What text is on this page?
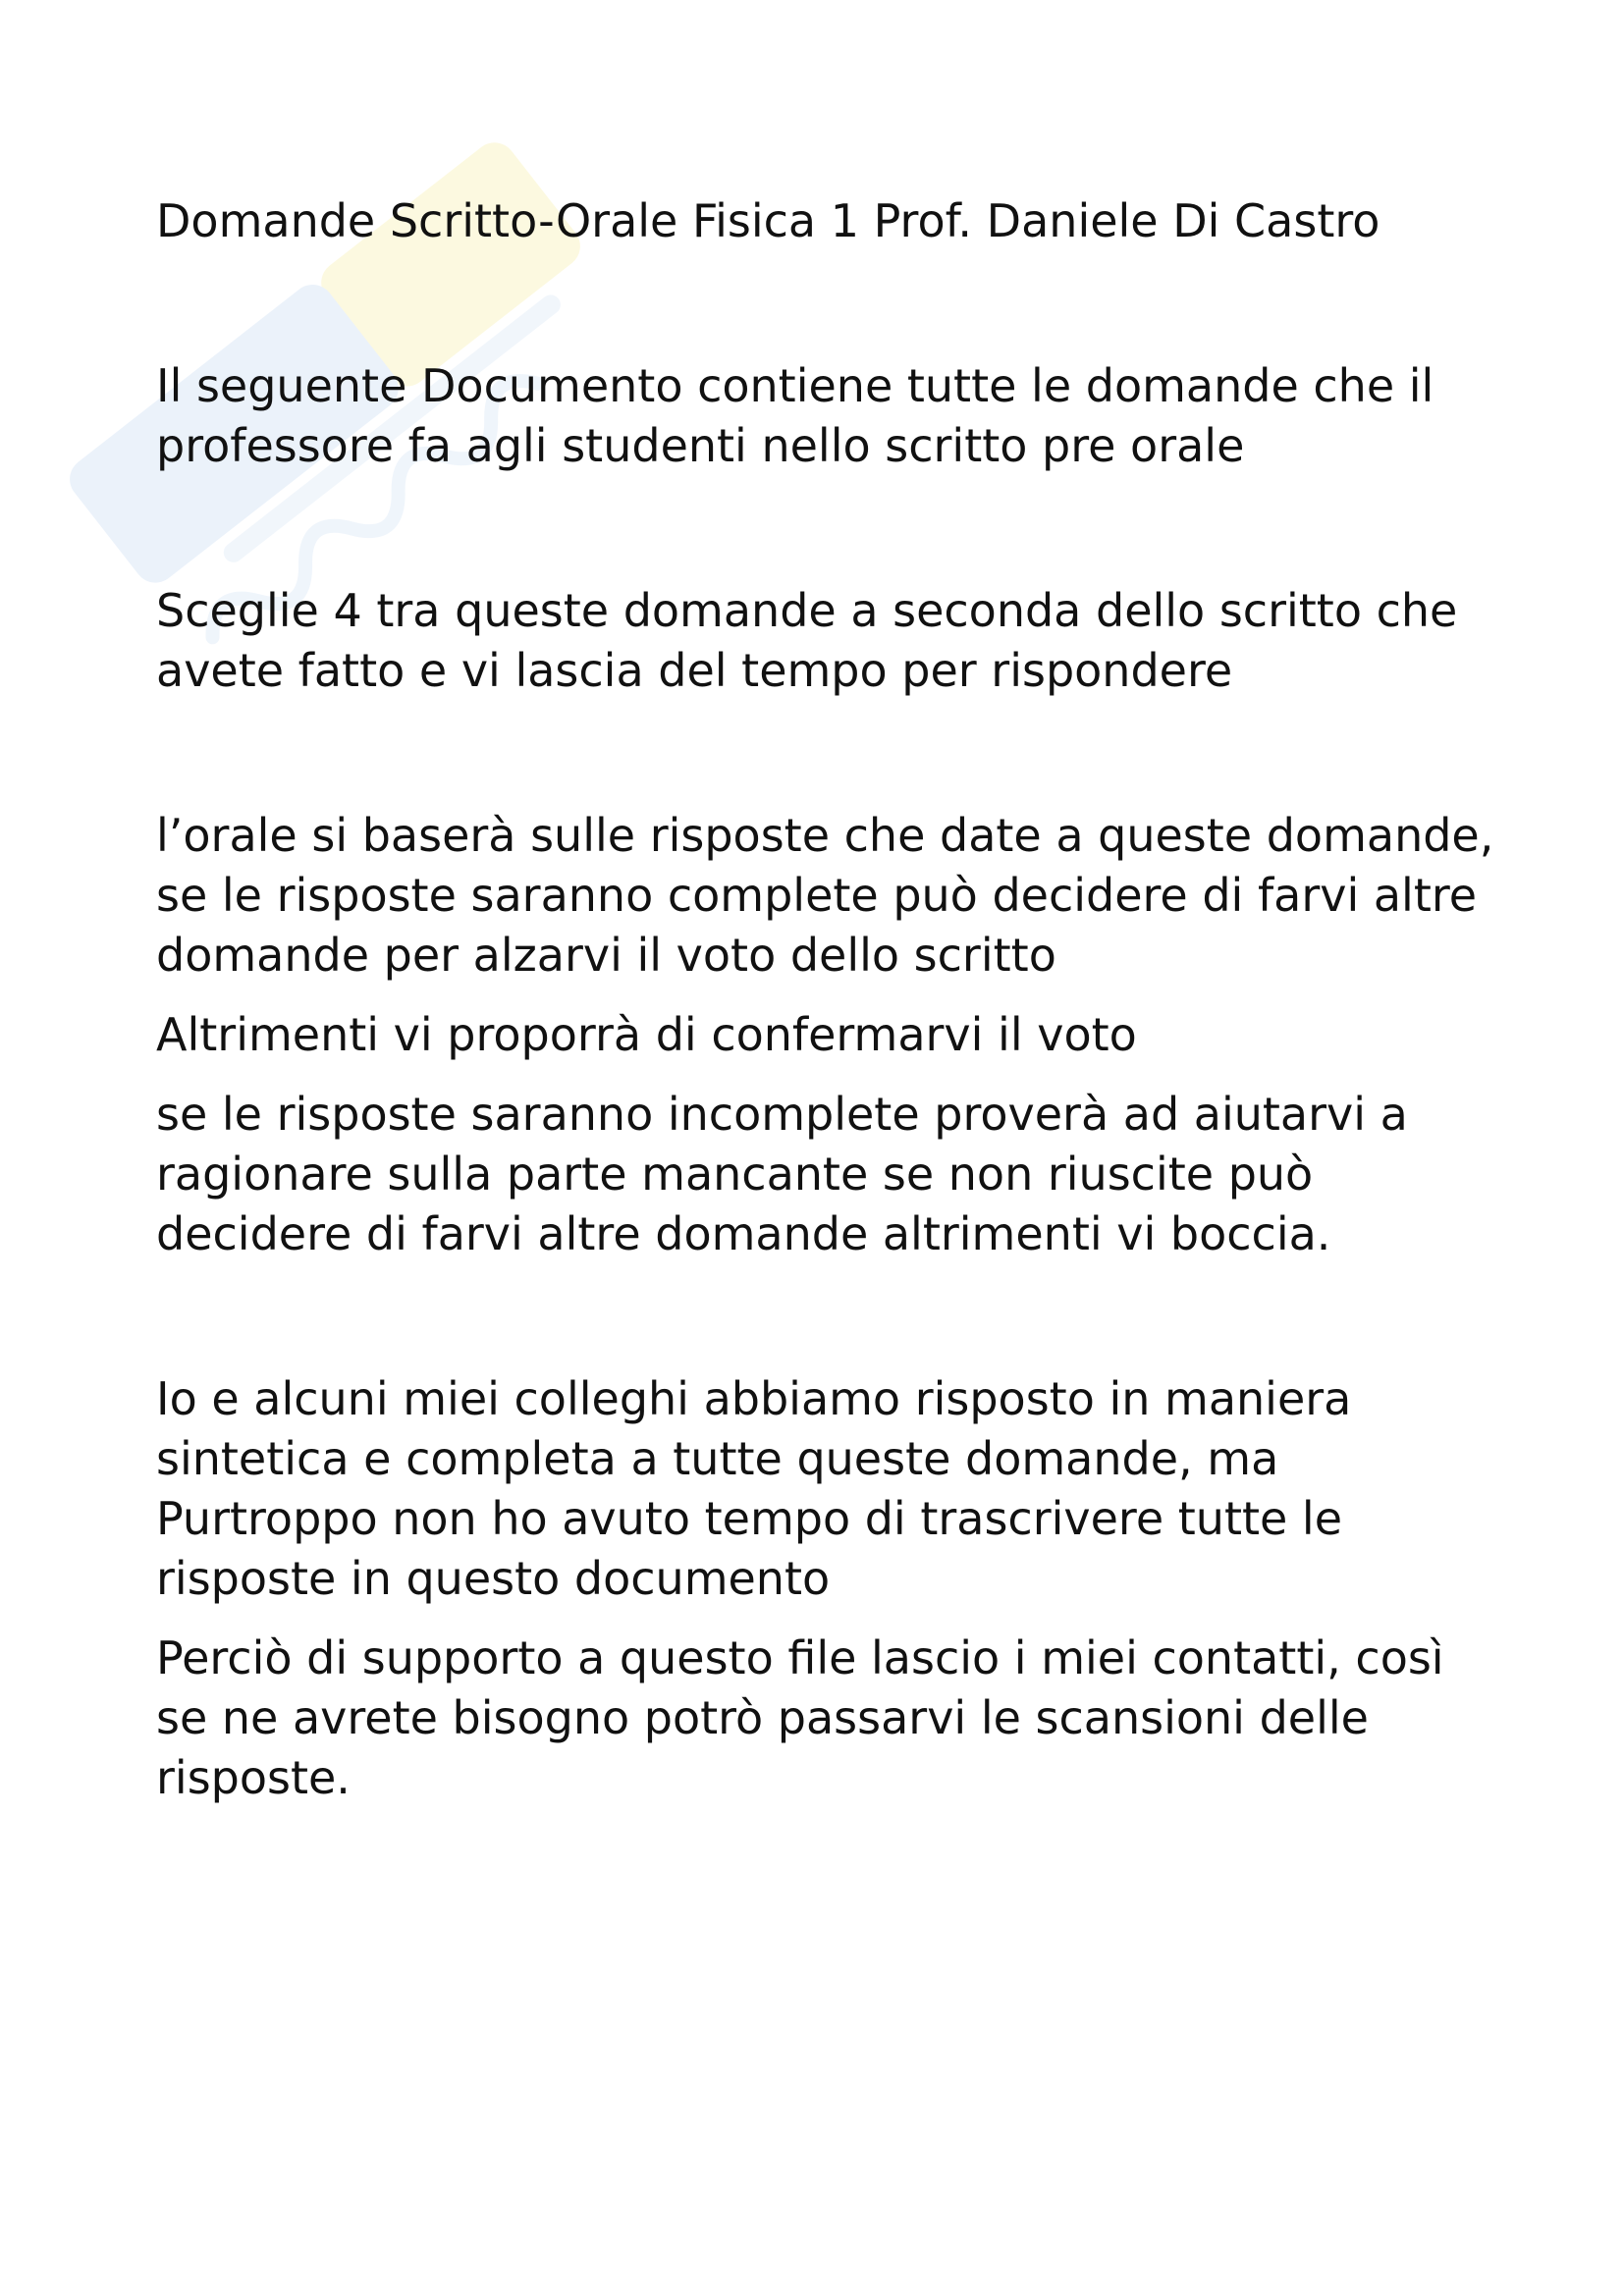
Domande Scritto-Orale Fisica 1 Prof. Daniele Di Castro

Il seguente Documento contiene tutte le domande che il

professore fa agli studenti nello scritto pre orale

Sceglie 4 tra queste domande a seconda dello scritto che

avete fatto e vi lascia del tempo per rispondere

l’orale si baserà sulle risposte che date a queste domande,

se le risposte saranno complete può decidere di farvi altre

domande per alzarvi il voto dello scritto

Altrimenti vi proporrà di confermarvi il voto

se le risposte saranno incomplete proverà ad aiutarvi a

ragionare sulla parte mancante se non riuscite può

decidere di farvi altre domande altrimenti vi boccia.

Io e alcuni miei colleghi abbiamo risposto in maniera

sintetica e completa a tutte queste domande, ma

Purtroppo non ho avuto tempo di trascrivere tutte le

risposte in questo documento

Perciò di supporto a questo file lascio i miei contatti, così

se ne avrete bisogno potrò passarvi le scansioni delle

risposte.
